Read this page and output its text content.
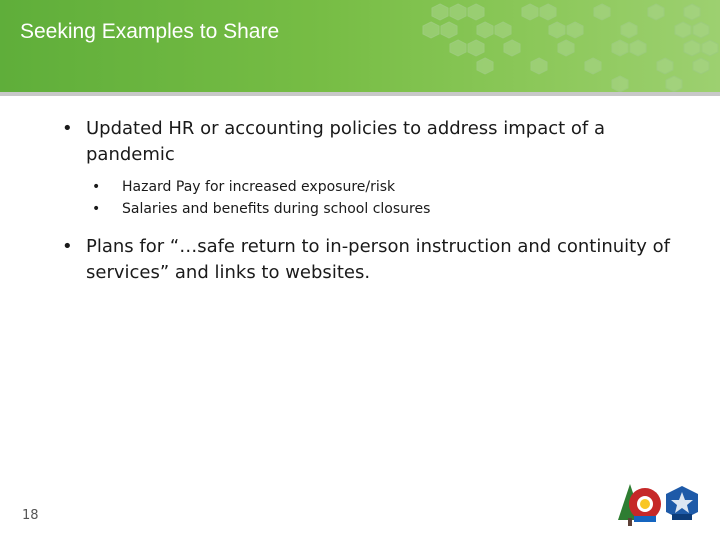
Seeking Examples to Share
• Updated HR or accounting policies to address impact of a pandemic
• Hazard Pay for increased exposure/risk
• Salaries and benefits during school closures
• Plans for “…safe return to in-person instruction and continuity of services” and links to websites.
18
